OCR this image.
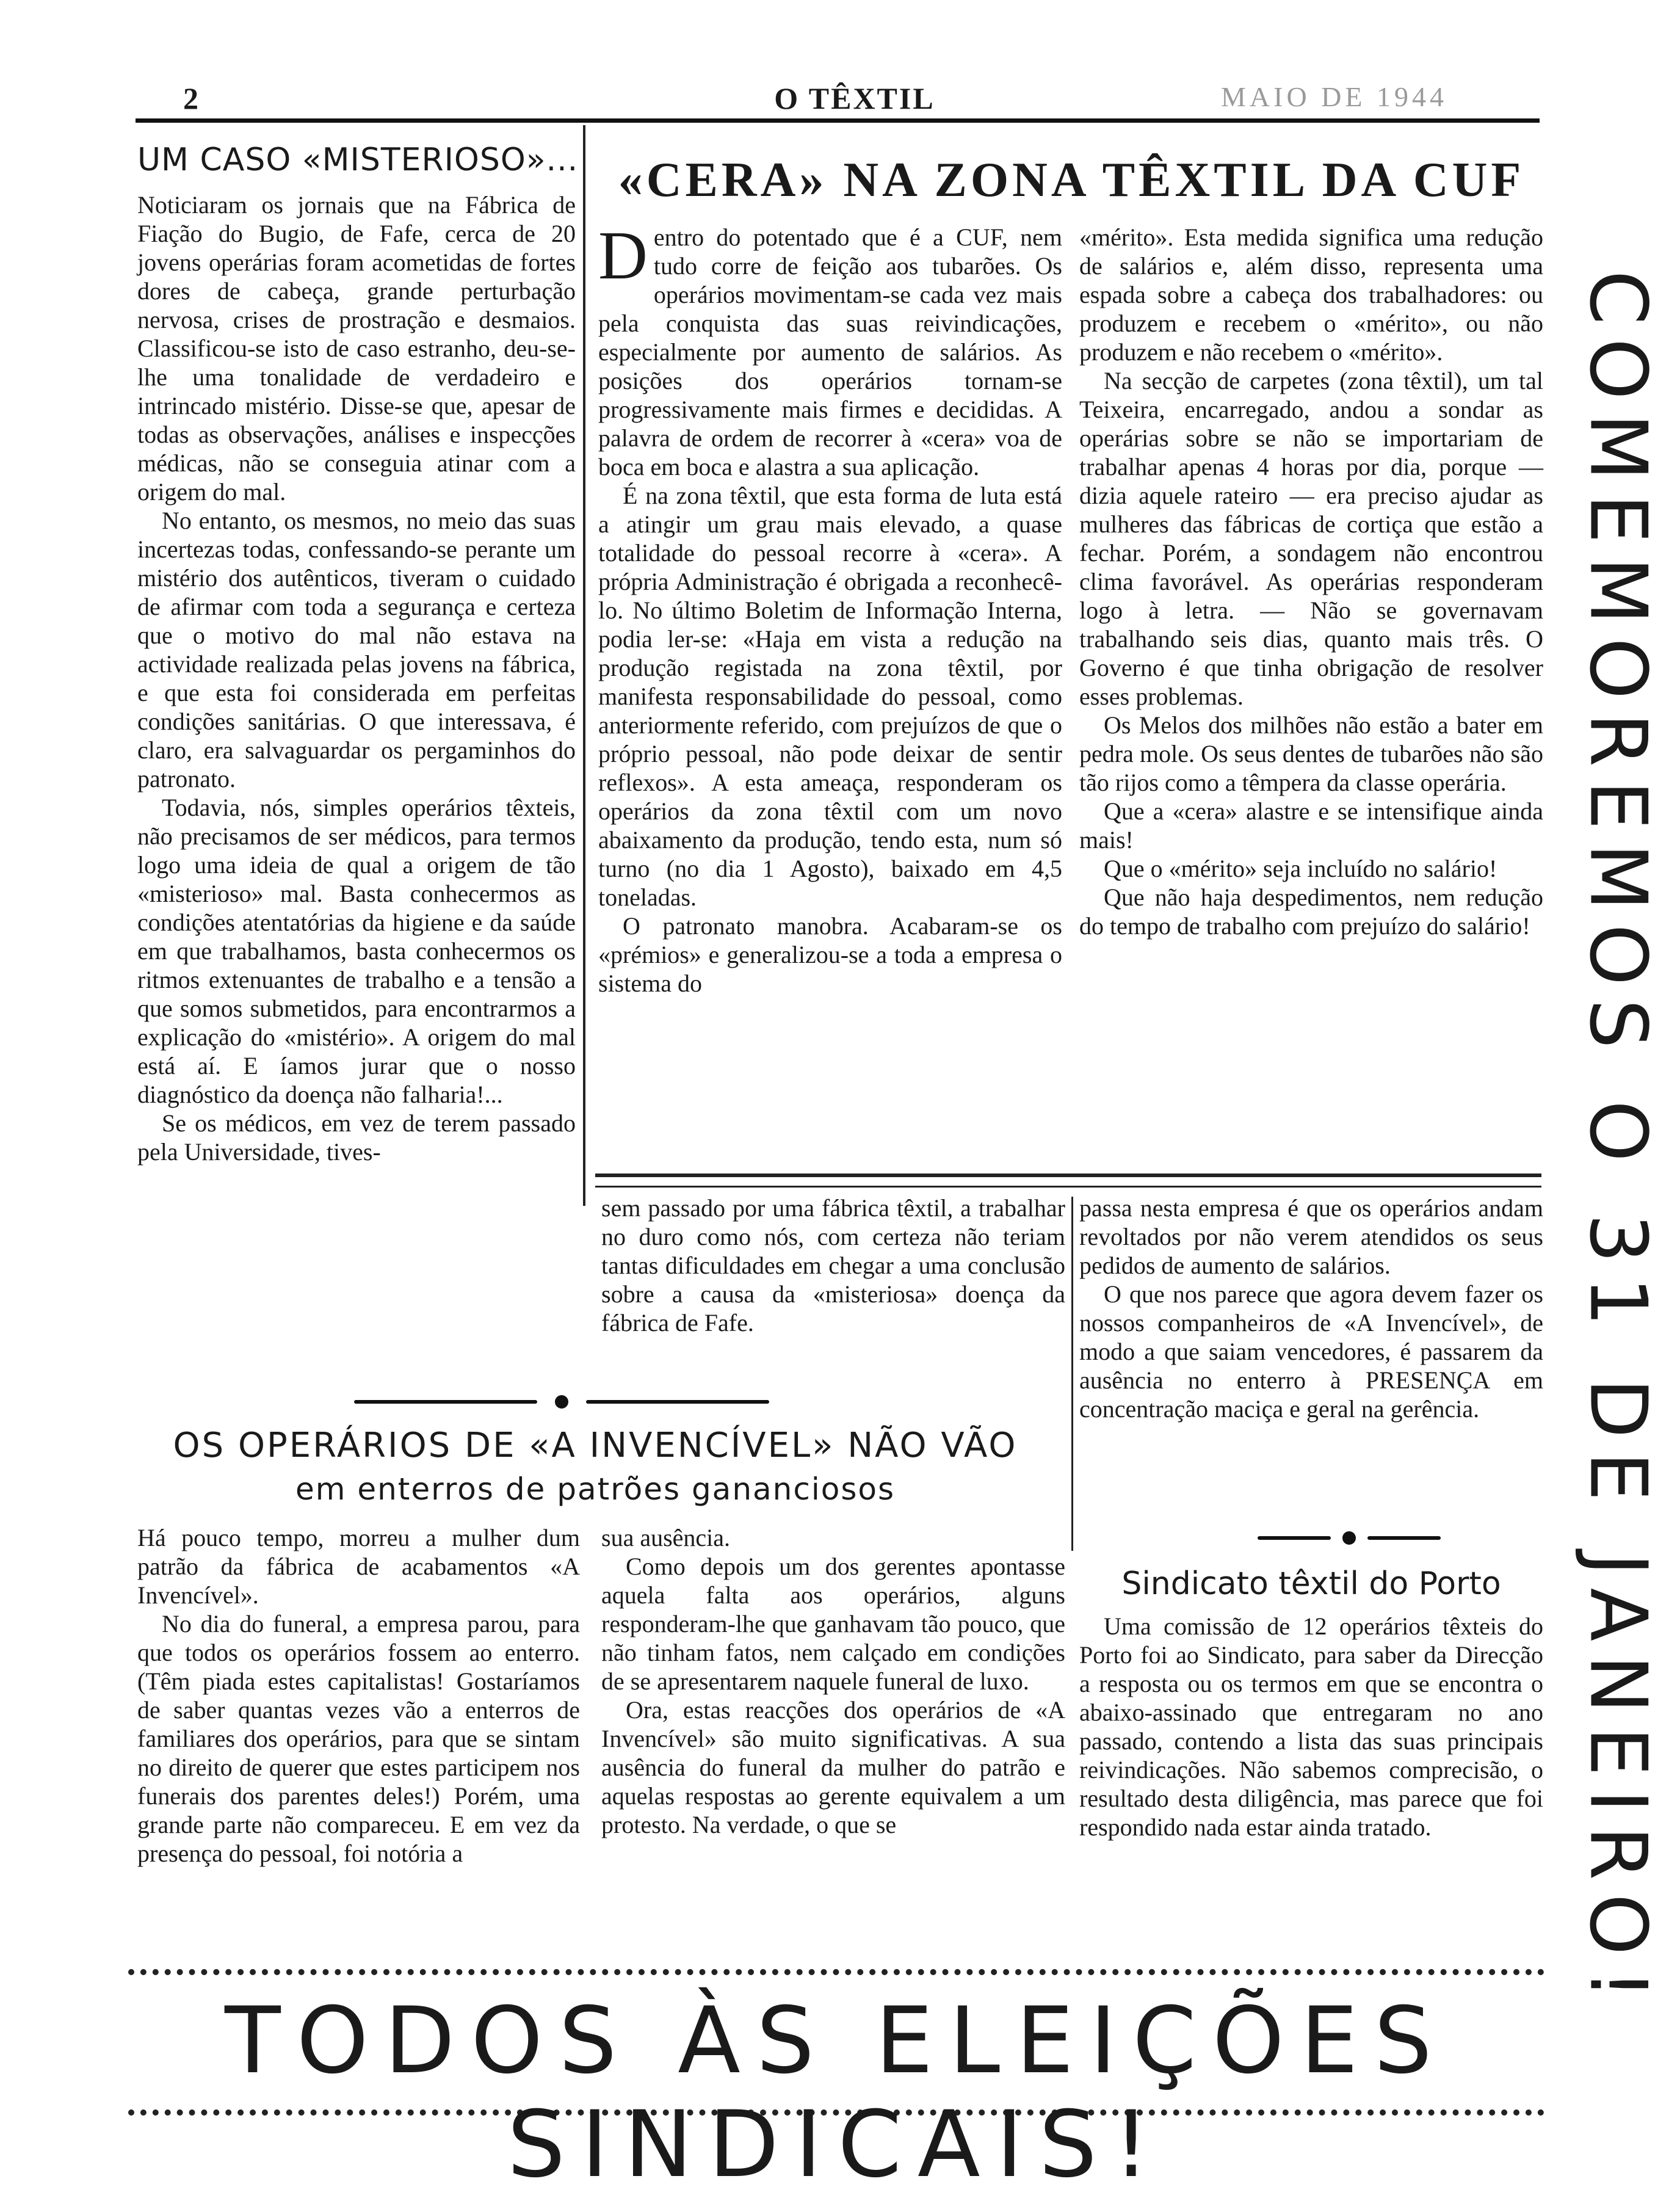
2	O TÊXTIL	MAIO DE 1944
UM CASO «MISTERIOSO»...

Noticiaram os jornais que na Fábrica de Fiação do Bugio, de Fafe, cerca de 20 jovens operárias foram acometidas de fortes dores de cabeça, grande perturbação nervosa, crises de prostração e desmaios. Classificou-se isto de caso estranho, deu-se-lhe uma tonalidade de verdadeiro e intrincado mistério. Disse-se que, apesar de todas as observações, análises e inspecções médicas, não se conseguia atinar com a origem do mal.

No entanto, os mesmos, no meio das suas incertezas todas, confessando-se perante um mistério dos autênticos, tiveram o cuidado de afirmar com toda a segurança e certeza que o motivo do mal não estava na actividade realizada pelas jovens na fábrica, e que esta foi considerada em perfeitas condições sanitárias. O que interessava, é claro, era salvaguardar os pergaminhos do patronato.

Todavia, nós, simples operários têxteis, não precisamos de ser médicos, para termos logo uma ideia de qual a origem de tão «misterioso» mal. Basta conhecermos as condições atentatórias da higiene e da saúde em que trabalhamos, basta conhecermos os ritmos extenuantes de trabalho e a tensão a que somos submetidos, para encontrarmos a explicação do «mistério». A origem do mal está aí. E íamos jurar que o nosso diagnóstico da doença não falharia!...

Se os médicos, em vez de terem passado pela Universidade, tives-

«CERA» NA ZONA TÊXTIL DA CUF

Dentro do potentado que é a CUF, nem tudo corre de feição aos tubarões. Os operários movimentam-se cada vez mais pela conquista das suas reivindicações, especialmente por aumento de salários. As posições dos operários tornam-se progressivamente mais firmes e decididas. A palavra de ordem de recorrer à «cera» voa de boca em boca e alastra a sua aplicação.

É na zona têxtil, que esta forma de luta está a atingir um grau mais elevado, a quase totalidade do pessoal recorre à «cera». A própria Administração é obrigada a reconhecê-lo. No último Boletim de Informação Interna, podia ler-se: «Haja em vista a redução na produção registada na zona têxtil, por manifesta responsabilidade do pessoal, como anteriormente referido, com prejuízos de que o próprio pessoal, não pode deixar de sentir reflexos». A esta ameaça, responderam os operários da zona têxtil com um novo abaixamento da produção, tendo esta, num só turno (no dia 1 Agosto), baixado em 4,5 toneladas.

O patronato manobra. Acabaram-se os «prémios» e generalizou-se a toda a empresa o sistema do

«mérito». Esta medida significa uma redução de salários e, além disso, representa uma espada sobre a cabeça dos trabalhadores: ou produzem e recebem o «mérito», ou não produzem e não recebem o «mérito».

Na secção de carpetes (zona têxtil), um tal Teixeira, encarregado, andou a sondar as operárias sobre se não se importariam de trabalhar apenas 4 horas por dia, porque — dizia aquele rateiro — era preciso ajudar as mulheres das fábricas de cortiça que estão a fechar. Porém, a sondagem não encontrou clima favorável. As operárias responderam logo à letra. — Não se governavam trabalhando seis dias, quanto mais três. O Governo é que tinha obrigação de resolver esses problemas.

Os Melos dos milhões não estão a bater em pedra mole. Os seus dentes de tubarões não são tão rijos como a têmpera da classe operária.

Que a «cera» alastre e se intensifique ainda mais!

Que o «mérito» seja incluído no salário!

Que não haja despedimentos, nem redução do tempo de trabalho com prejuízo do salário!

sem passado por uma fábrica têxtil, a trabalhar no duro como nós, com certeza não teriam tantas dificuldades em chegar a uma conclusão sobre a causa da «misteriosa» doença da fábrica de Fafe.

OS OPERÁRIOS DE «A INVENCÍVEL» NÃO VÃO
em enterros de patrões gananciosos

Há pouco tempo, morreu a mulher dum patrão da fábrica de acabamentos «A Invencível».

No dia do funeral, a empresa parou, para que todos os operários fossem ao enterro. (Têm piada estes capitalistas! Gostaríamos de saber quantas vezes vão a enterros de familiares dos operários, para que se sintam no direito de querer que estes participem nos funerais dos parentes deles!) Porém, uma grande parte não compareceu. E em vez da presença do pessoal, foi notória a

sua ausência.

Como depois um dos gerentes apontasse aquela falta aos operários, alguns responderam-lhe que ganhavam tão pouco, que não tinham fatos, nem calçado em condições de se apresentarem naquele funeral de luxo.

Ora, estas reacções dos operários de «A Invencível» são muito significativas. A sua ausência do funeral da mulher do patrão e aquelas respostas ao gerente equivalem a um protesto. Na verdade, o que se

passa nesta empresa é que os operários andam revoltados por não verem atendidos os seus pedidos de aumento de salários.

O que nos parece que agora devem fazer os nossos companheiros de «A Invencível», de modo a que saiam vencedores, é passarem da ausência no enterro à PRESENÇA em concentração maciça e geral na gerência.

Sindicato têxtil do Porto

Uma comissão de 12 operários têxteis do Porto foi ao Sindicato, para saber da Direcção a resposta ou os termos em que se encontra o abaixo-assinado que entregaram no ano passado, contendo a lista das suas principais reivindicações. Não sabemos comprecisão, o resultado desta diligência, mas parece que foi respondido nada estar ainda tratado.

TODOS ÀS ELEIÇÕES SINDICAIS!
COMEMOREMOS O 31 DE JANEIRO!
